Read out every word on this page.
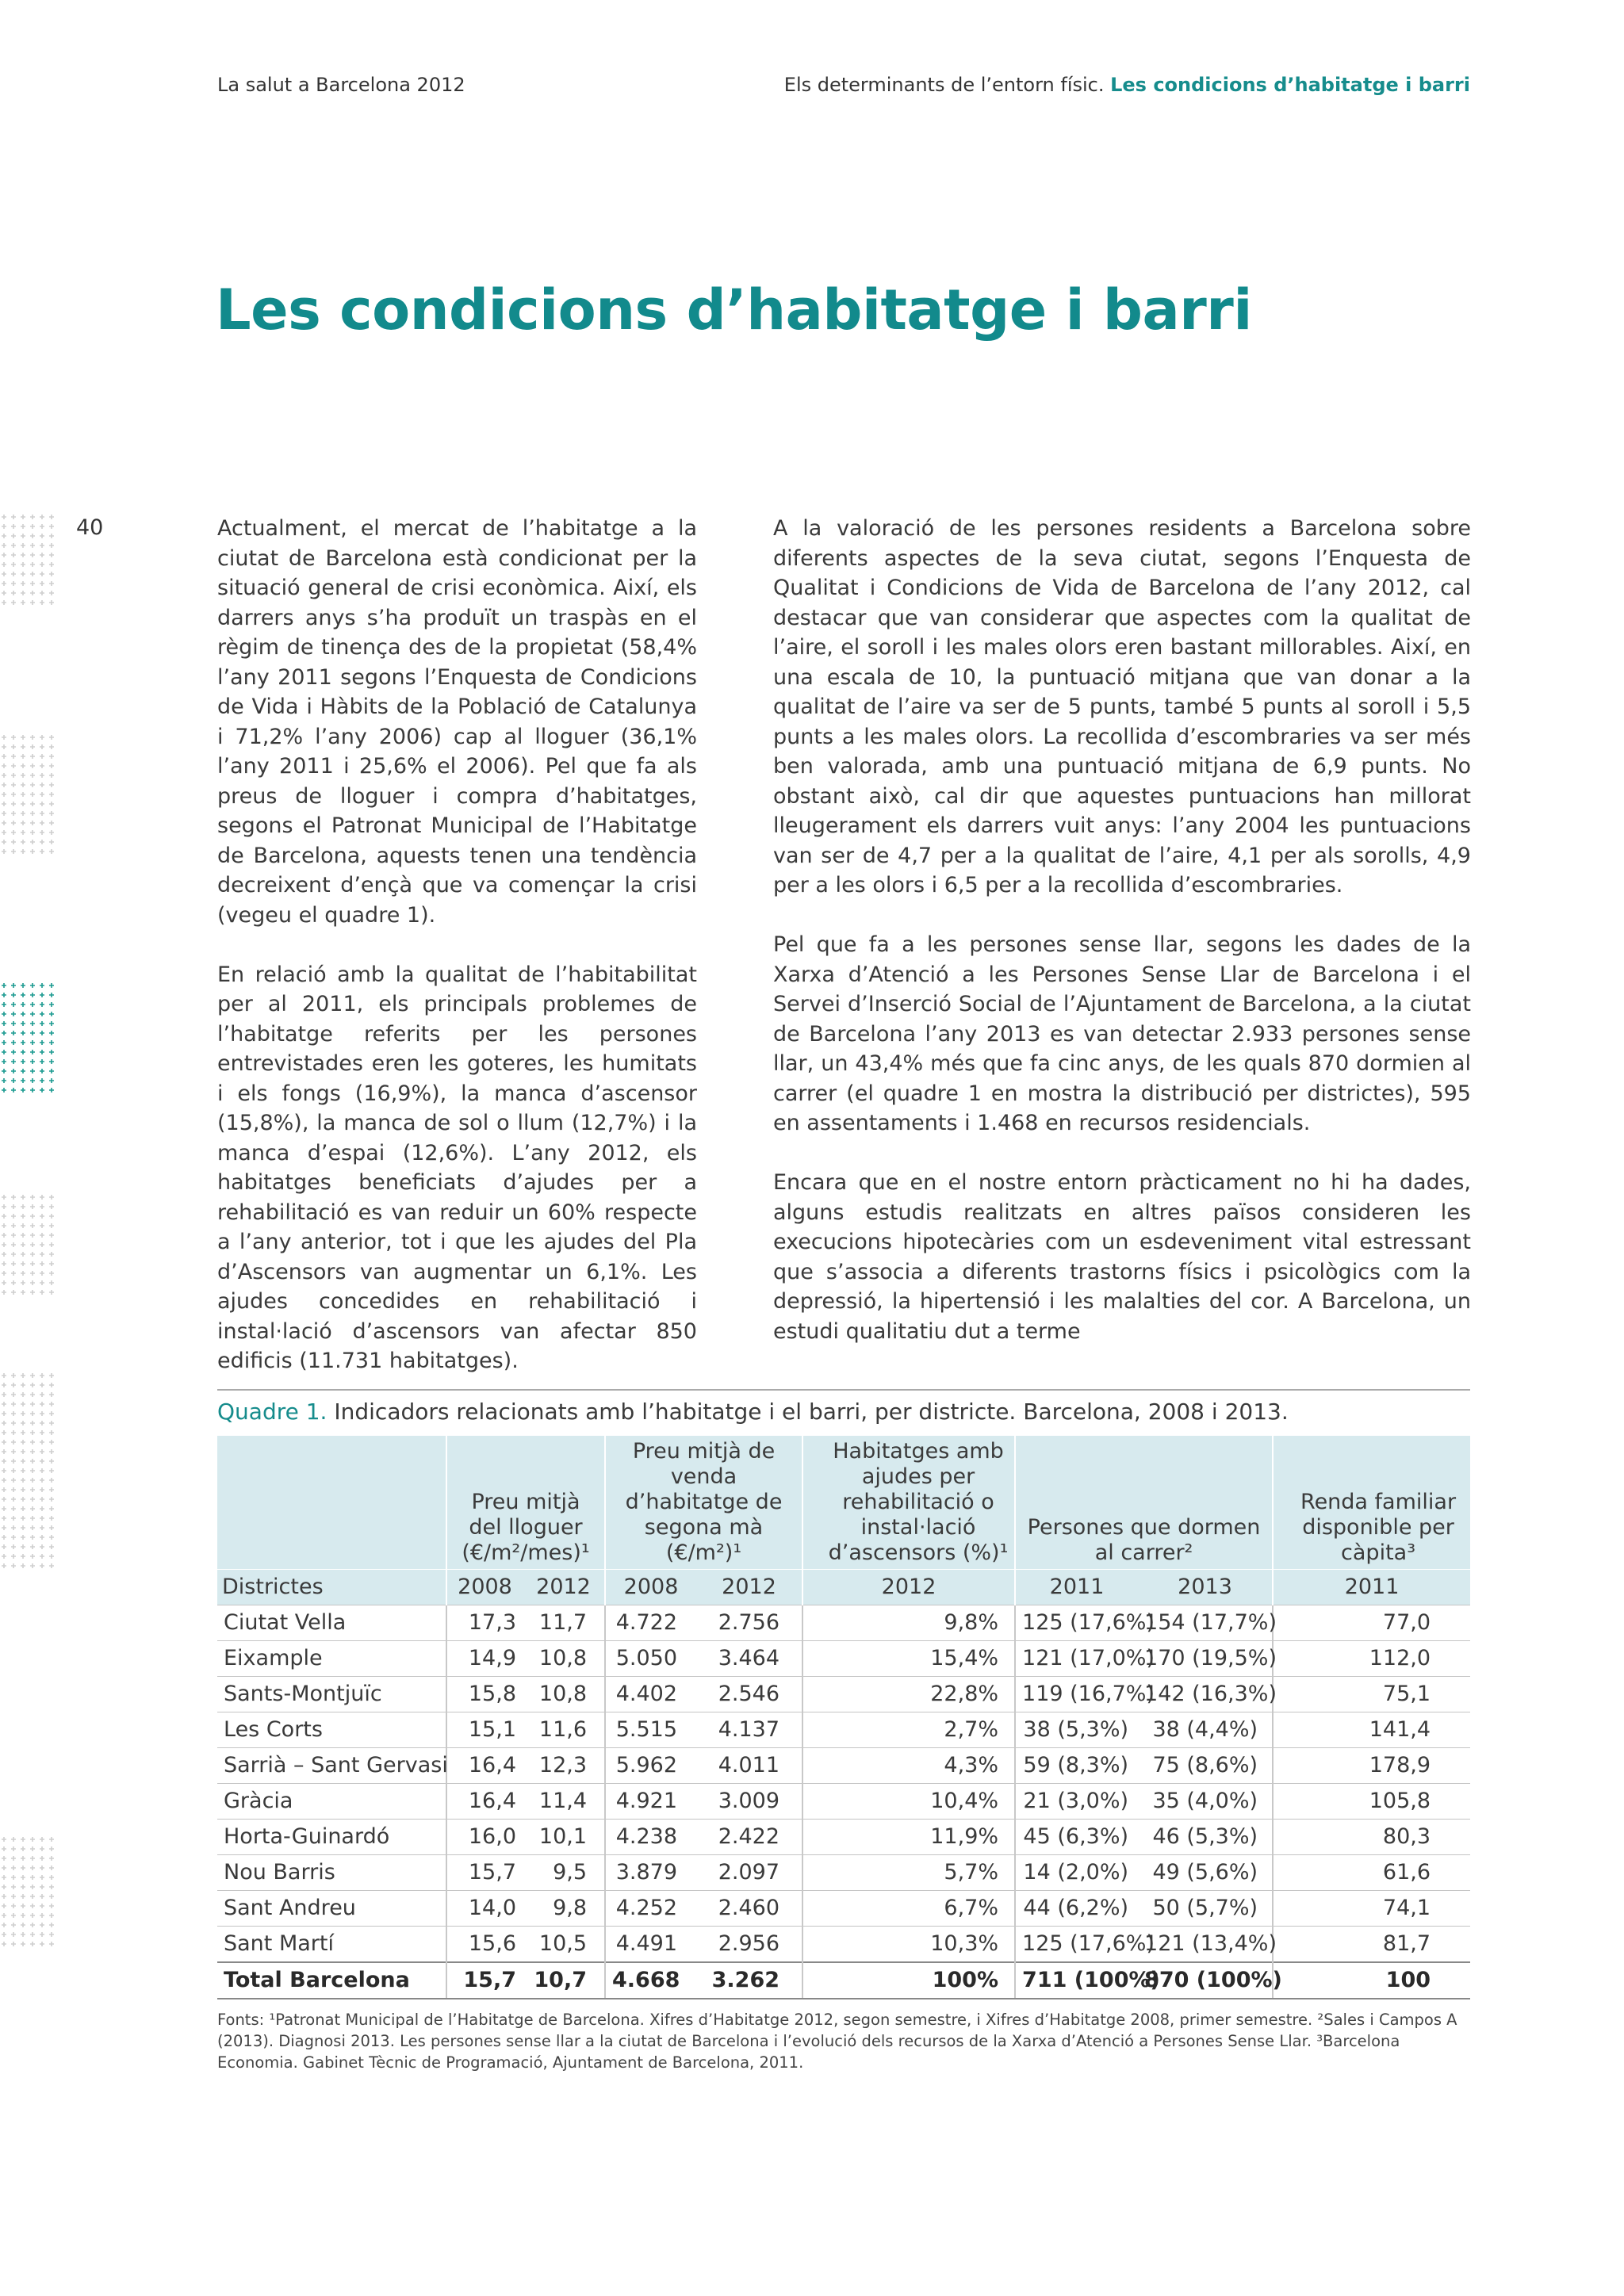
La salut a Barcelona 2012	Els determinants de l’entorn físic. Les condicions d’habitatge i barri
Les condicions d’habitatge i barri
40	Actualment, el mercat de l’habitatge a la ciutat de Barcelona està condicionat per la situació general de crisi econòmica. Així, els darrers anys s’ha produït un traspàs en el règim de tinença des de la propietat (58,4% l’any 2011 segons l’Enquesta de Condicions de Vida i Hàbits de la Població de Catalunya i 71,2% l’any 2006) cap al lloguer (36,1% l’any 2011 i 25,6% el 2006). Pel que fa als preus de lloguer i compra d’habitatges, segons el Patronat Municipal de l’Habitatge de Barcelona, aquests tenen una tendència decreixent d’ençà que va començar la crisi (vegeu el quadre 1).

En relació amb la qualitat de l’habitabilitat per al 2011, els principals problemes de l’habitatge referits per les persones entrevistades eren les goteres, les humitats i els fongs (16,9%), la manca d’ascensor (15,8%), la manca de sol o llum (12,7%) i la manca d’espai (12,6%). L’any 2012, els habitatges beneficiats d’ajudes per a rehabilitació es van reduir un 60% respecte a l’any anterior, tot i que les ajudes del Pla d’Ascensors van augmentar un 6,1%. Les ajudes concedides en rehabilitació i instal·lació d’ascensors van afectar 850 edificis (11.731 habitatges).

A la valoració de les persones residents a Barcelona sobre diferents aspectes de la seva ciutat, segons l’Enquesta de Qualitat i Condicions de Vida de Barcelona de l’any 2012, cal destacar que van considerar que aspectes com la qualitat de l’aire, el soroll i les males olors eren bastant millorables. Així, en una escala de 10, la puntuació mitjana que van donar a la qualitat de l’aire va ser de 5 punts, també 5 punts al soroll i 5,5 punts a les males olors. La recollida d’escombraries va ser més ben valorada, amb una puntuació mitjana de 6,9 punts. No obstant això, cal dir que aquestes puntuacions han millorat lleugerament els darrers vuit anys: l’any 2004 les puntuacions van ser de 4,7 per a la qualitat de l’aire, 4,1 per als sorolls, 4,9 per a les olors i 6,5 per a la recollida d’escombraries.

Pel que fa a les persones sense llar, segons les dades de la Xarxa d’Atenció a les Persones Sense Llar de Barcelona i el Servei d’Inserció Social de l’Ajuntament de Barcelona, a la ciutat de Barcelona l’any 2013 es van detectar 2.933 persones sense llar, un 43,4% més que fa cinc anys, de les quals 870 dormien al carrer (el quadre 1 en mostra la distribució per districtes), 595 en assentaments i 1.468 en recursos residencials.

Encara que en el nostre entorn pràcticament no hi ha dades, alguns estudis realitzats en altres països consideren les execucions hipotecàries com un esdeveniment vital estressant que s’associa a diferents trastorns físics i psicològics com la depressió, la hipertensió i les malalties del cor. A Barcelona, un estudi qualitatiu dut a terme

Quadre 1. Indicadors relacionats amb l’habitatge i el barri, per districte. Barcelona, 2008 i 2013.
	Preu mitjà del lloguer (€/m²/mes)¹		Preu mitjà de venda d’habitatge de segona mà (€/m²)¹		Habitatges amb ajudes per rehabilitació o instal·lació d’ascensors (%)¹	Persones que dormen al carrer²		Renda familiar disponible per càpita³
Districtes	2008	2012	2008	2012	2012	2011	2013	2011
Ciutat Vella	17,3	11,7	4.722	2.756	9,8%	125 (17,6%)	154 (17,7%)	77,0
Eixample	14,9	10,8	5.050	3.464	15,4%	121 (17,0%)	170 (19,5%)	112,0
Sants-Montjuïc	15,8	10,8	4.402	2.546	22,8%	119 (16,7%)	142 (16,3%)	75,1
Les Corts	15,1	11,6	5.515	4.137	2,7%	38 (5,3%)	38 (4,4%)	141,4
Sarrià – Sant Gervasi	16,4	12,3	5.962	4.011	4,3%	59 (8,3%)	75 (8,6%)	178,9
Gràcia	16,4	11,4	4.921	3.009	10,4%	21 (3,0%)	35 (4,0%)	105,8
Horta-Guinardó	16,0	10,1	4.238	2.422	11,9%	45 (6,3%)	46 (5,3%)	80,3
Nou Barris	15,7	9,5	3.879	2.097	5,7%	14 (2,0%)	49 (5,6%)	61,6
Sant Andreu	14,0	9,8	4.252	2.460	6,7%	44 (6,2%)	50 (5,7%)	74,1
Sant Martí	15,6	10,5	4.491	2.956	10,3%	125 (17,6%)	121 (13,4%)	81,7
Total Barcelona	15,7	10,7	4.668	3.262	100%	711 (100%)	870 (100%)	100
Fonts: ¹Patronat Municipal de l’Habitatge de Barcelona. Xifres d’Habitatge 2012, segon semestre, i Xifres d’Habitatge 2008, primer semestre. ²Sales i Campos A (2013). Diagnosi 2013. Les persones sense llar a la ciutat de Barcelona i l’evolució dels recursos de la Xarxa d’Atenció a Persones Sense Llar. ³Barcelona Economia. Gabinet Tècnic de Programació, Ajuntament de Barcelona, 2011.
